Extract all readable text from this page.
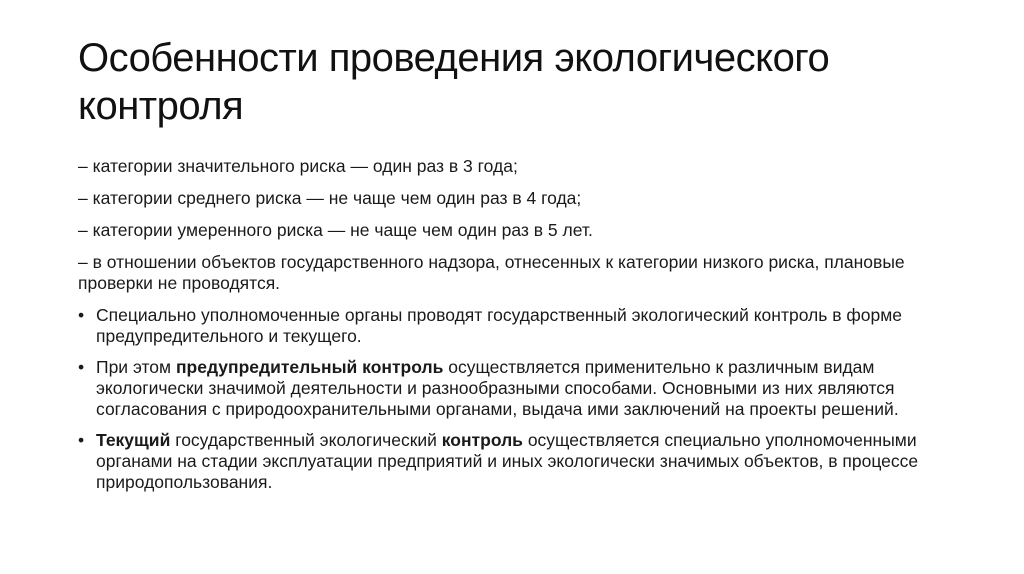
Особенности проведения экологического контроля
– категории значительного риска — один раз в 3 года;
– категории среднего риска — не чаще чем один раз в 4 года;
– категории умеренного риска — не чаще чем один раз в 5 лет.
– в отношении объектов государственного надзора, отнесенных к категории низкого риска, плановые проверки не проводятся.
• Специально уполномоченные органы проводят государственный экологический контроль в форме предупредительного и текущего.
• При этом предупредительный контроль осуществляется применительно к различным видам экологически значимой деятельности и разнообразными способами. Основными из них являются согласования с природоохранительными органами, выдача ими заключений на проекты решений.
• Текущий государственный экологический контроль осуществляется специально уполномоченными органами на стадии эксплуатации предприятий и иных экологически значимых объектов, в процессе природопользования.
